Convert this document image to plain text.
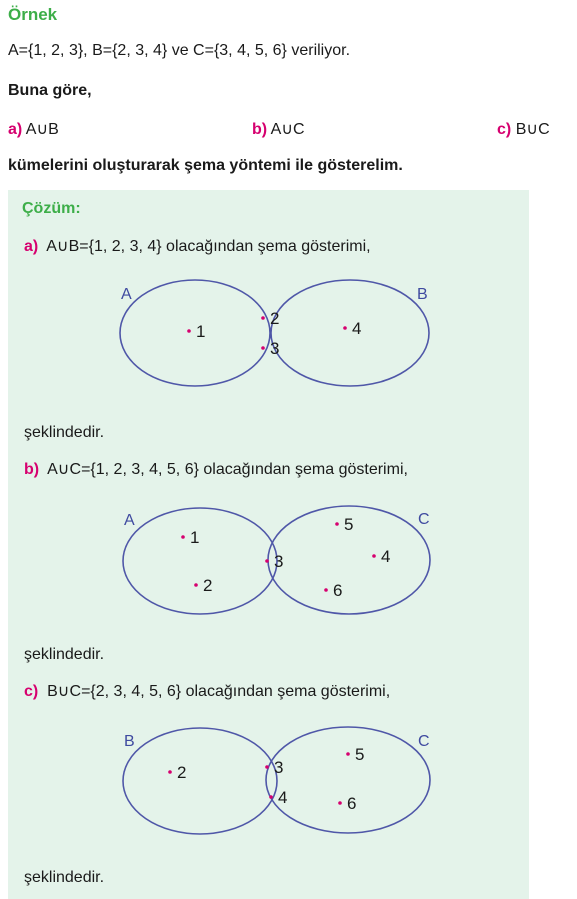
Örnek
A={1, 2, 3}, B={2, 3, 4} ve C={3, 4, 5, 6} veriliyor.
Buna göre,
a) A∪B	b) A∪C	c) B∪C
kümelerini oluşturarak şema yöntemi ile gösterelim.
Çözüm:
a) A∪B={1, 2, 3, 4} olacağından şema gösterimi,
A	B
1
2
3
4
şeklindedir.
b) A∪C={1, 2, 3, 4, 5, 6} olacağından şema gösterimi,
A	C
1
2
3
5
4
6
şeklindedir.
c) B∪C={2, 3, 4, 5, 6} olacağından şema gösterimi,
B	C
2	3
4
5
6
şeklindedir.
